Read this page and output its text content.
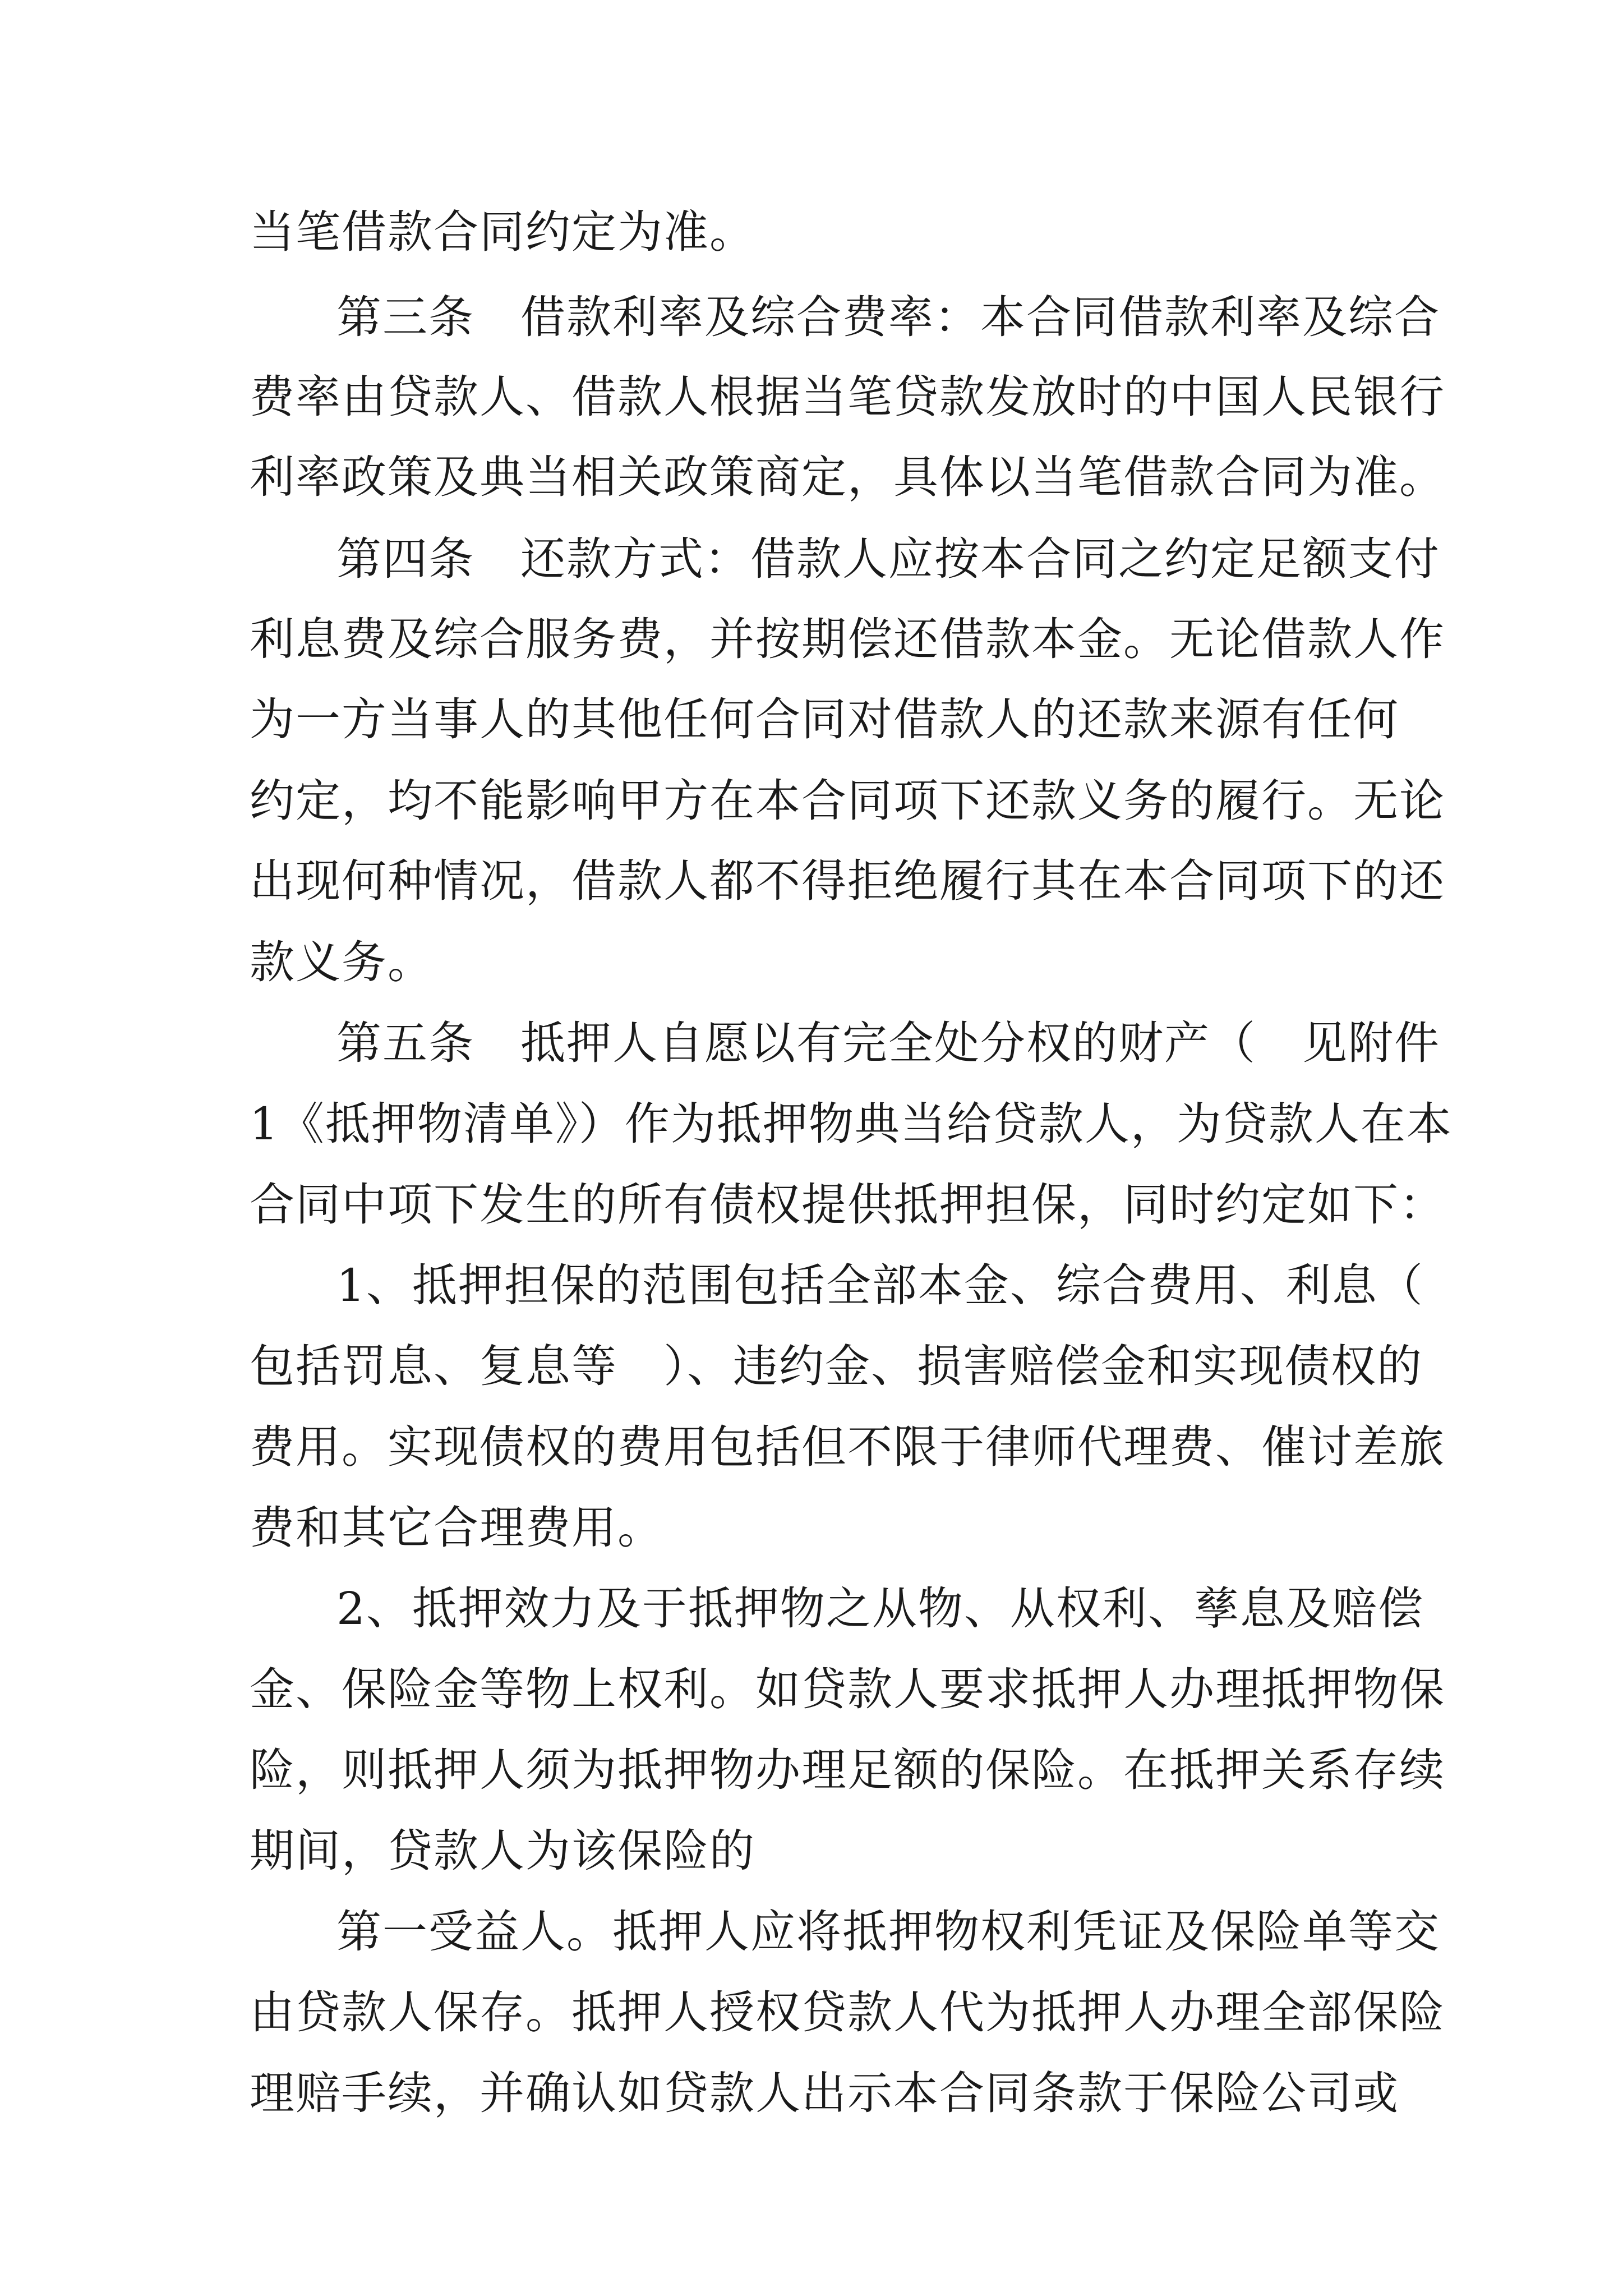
当笔借款合同约定为准。
第三条　借款利率及综合费率：本合同借款利率及综合
费率由贷款人、借款人根据当笔贷款发放时的中国人民银行
利率政策及典当相关政策商定，具体以当笔借款合同为准。
第四条　还款方式：借款人应按本合同之约定足额支付
利息费及综合服务费，并按期偿还借款本金。无论借款人作
为一方当事人的其他任何合同对借款人的还款来源有任何
约定，均不能影响甲方在本合同项下还款义务的履行。无论
出现何种情况，借款人都不得拒绝履行其在本合同项下的还
款义务。
第五条　抵押人自愿以有完全处分权的财产（　见附件
1《抵押物清单》）作为抵押物典当给贷款人，为贷款人在本
合同中项下发生的所有债权提供抵押担保，同时约定如下：
1、抵押担保的范围包括全部本金、综合费用、利息（
包括罚息、复息等　）、违约金、损害赔偿金和实现债权的
费用。实现债权的费用包括但不限于律师代理费、催讨差旅
费和其它合理费用。
2、抵押效力及于抵押物之从物、从权利、孳息及赔偿
金、保险金等物上权利。如贷款人要求抵押人办理抵押物保
险，则抵押人须为抵押物办理足额的保险。在抵押关系存续
期间，贷款人为该保险的
第一受益人。抵押人应将抵押物权利凭证及保险单等交
由贷款人保存。抵押人授权贷款人代为抵押人办理全部保险
理赔手续，并确认如贷款人出示本合同条款于保险公司或
